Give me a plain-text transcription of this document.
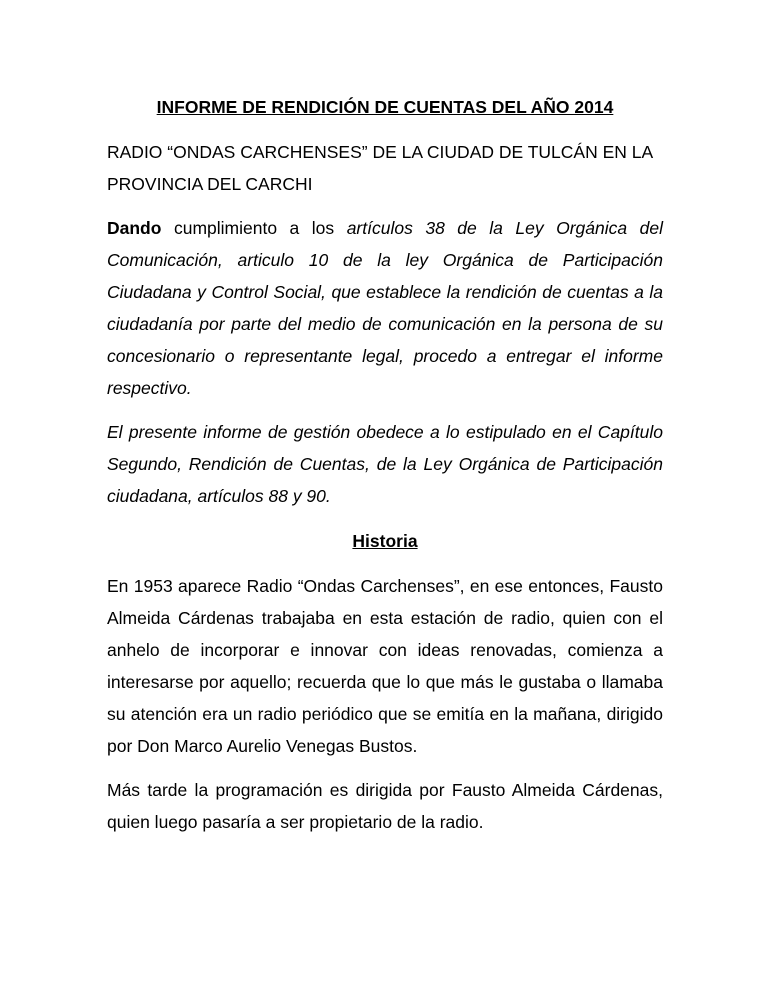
INFORME DE RENDICIÓN DE CUENTAS DEL AÑO 2014

RADIO “ONDAS CARCHENSES” DE LA CIUDAD DE TULCÁN EN LA PROVINCIA DEL CARCHI

Dando cumplimiento a los artículos 38 de la Ley Orgánica del Comunicación, articulo 10 de la ley Orgánica de Participación Ciudadana y Control Social, que establece la rendición de cuentas a la ciudadanía por parte del medio de comunicación en la persona de su concesionario o representante legal, procedo a entregar el informe respectivo.

El presente informe de gestión obedece a lo estipulado en el Capítulo Segundo, Rendición de Cuentas, de la Ley Orgánica de Participación ciudadana, artículos 88 y 90.

Historia

En 1953 aparece Radio “Ondas Carchenses”, en ese entonces, Fausto Almeida Cárdenas trabajaba en esta estación de radio, quien con el anhelo de incorporar e innovar con ideas renovadas, comienza a interesarse por aquello; recuerda que lo que más le gustaba o llamaba su atención era un radio periódico que se emitía en la mañana, dirigido por Don Marco Aurelio Venegas Bustos.

Más tarde la programación es dirigida por Fausto Almeida Cárdenas, quien luego pasaría a ser propietario de la radio.
